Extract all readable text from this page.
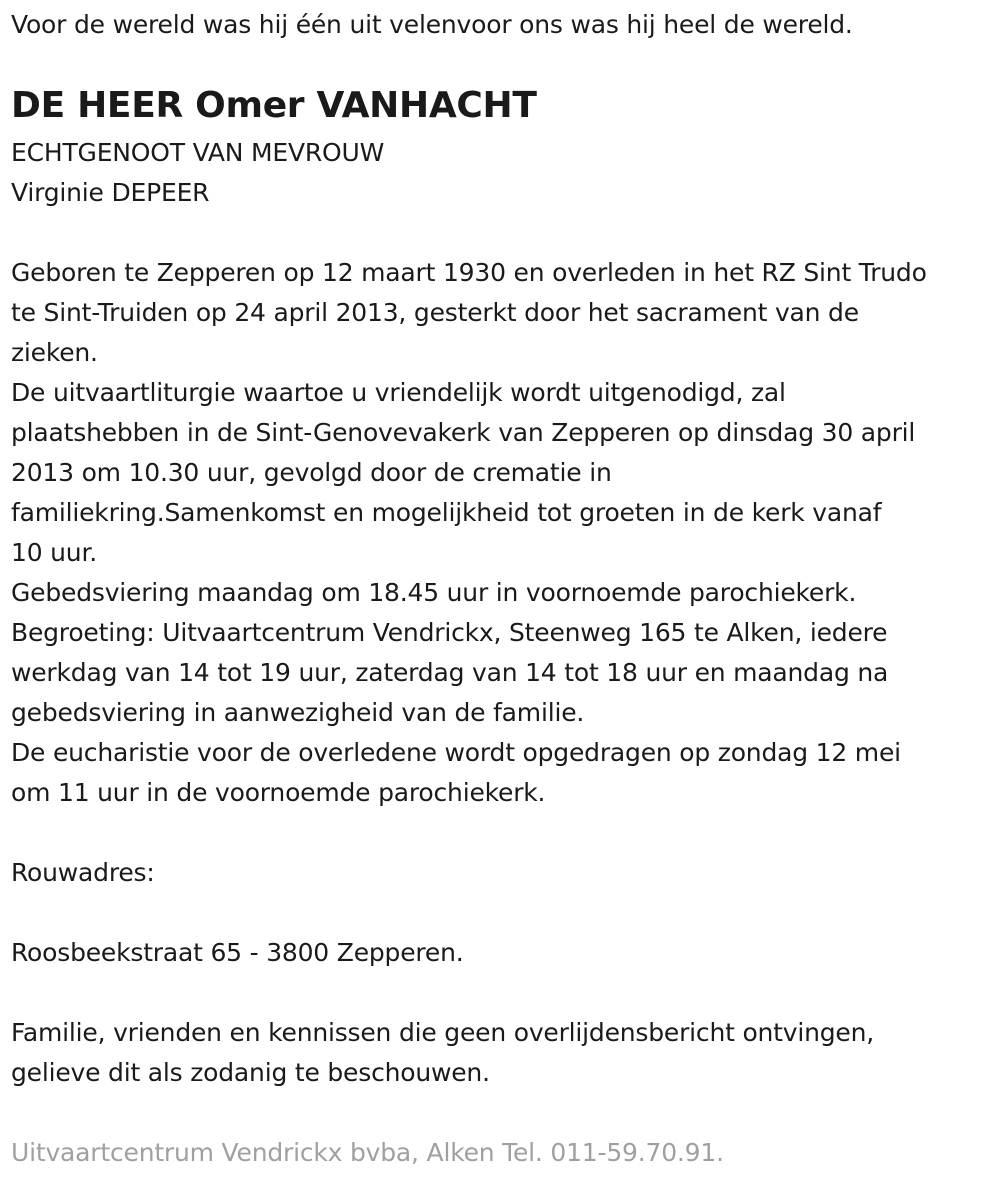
Voor de wereld was hij één uit velenvoor ons was hij heel de wereld.
DE HEER Omer VANHACHT
ECHTGENOOT VAN MEVROUW
Virginie DEPEER
Geboren te Zepperen op 12 maart 1930 en overleden in het RZ Sint Trudo
te Sint-Truiden op 24 april 2013, gesterkt door het sacrament van de
zieken.
De uitvaartliturgie waartoe u vriendelijk wordt uitgenodigd, zal
plaatshebben in de Sint-Genovevakerk van Zepperen op dinsdag 30 april
2013 om 10.30 uur, gevolgd door de crematie in
familiekring.Samenkomst en mogelijkheid tot groeten in de kerk vanaf
10 uur.
Gebedsviering maandag om 18.45 uur in voornoemde parochiekerk.
Begroeting: Uitvaartcentrum Vendrickx, Steenweg 165 te Alken, iedere
werkdag van 14 tot 19 uur, zaterdag van 14 tot 18 uur en maandag na
gebedsviering in aanwezigheid van de familie.
De eucharistie voor de overledene wordt opgedragen op zondag 12 mei
om 11 uur in de voornoemde parochiekerk.
Rouwadres:
Roosbeekstraat 65 - 3800 Zepperen.
Familie, vrienden en kennissen die geen overlijdensbericht ontvingen,
gelieve dit als zodanig te beschouwen.
Uitvaartcentrum Vendrickx bvba, Alken Tel. 011-59.70.91.
